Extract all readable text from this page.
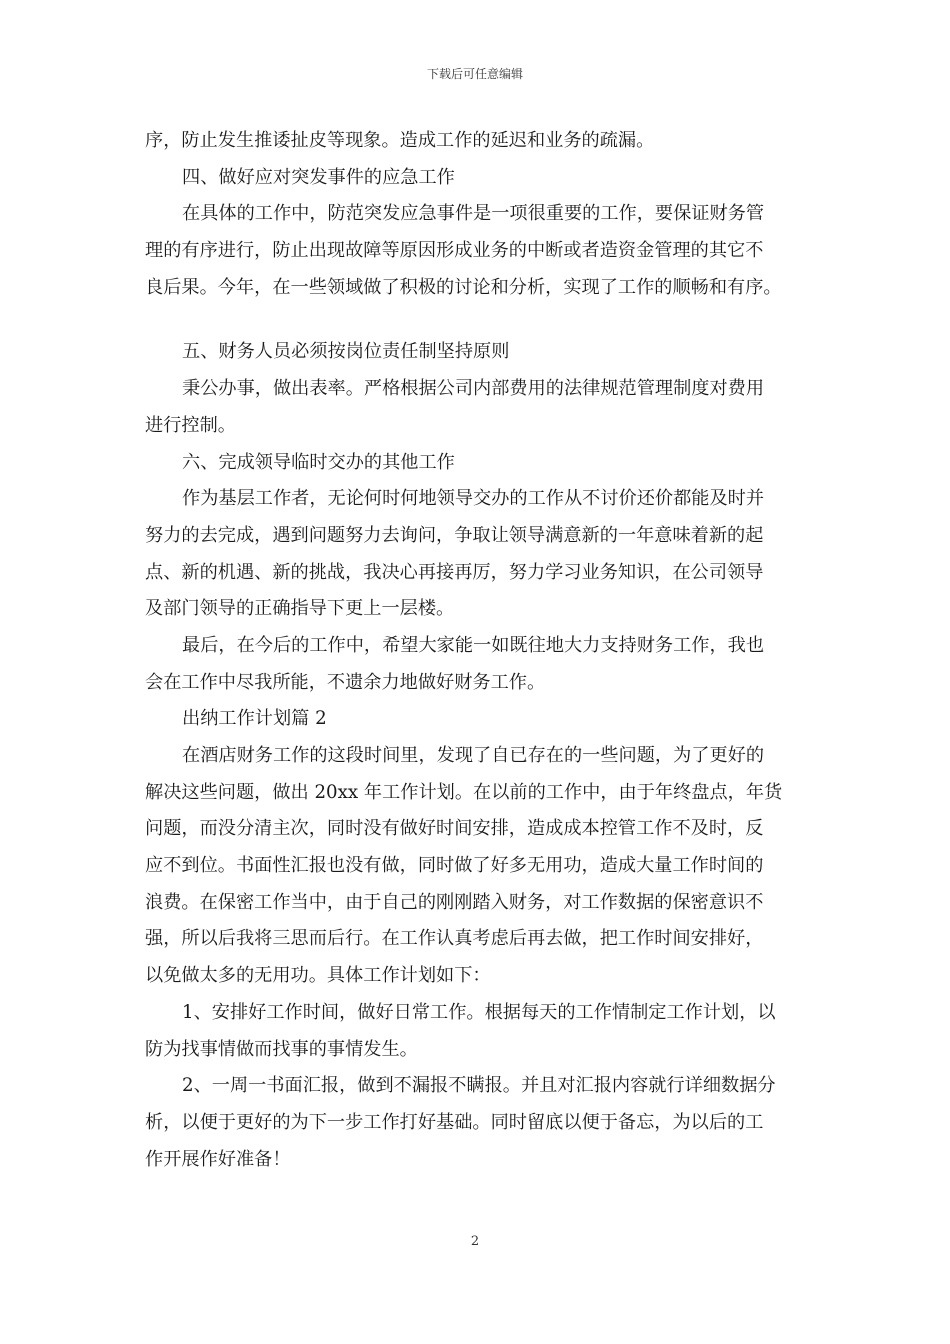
下载后可任意编辑
序，防止发生推诿扯皮等现象。造成工作的延迟和业务的疏漏。
四、做好应对突发事件的应急工作
在具体的工作中，防范突发应急事件是一项很重要的工作，要保证财务管
理的有序进行，防止出现故障等原因形成业务的中断或者造资金管理的其它不
良后果。今年，在一些领域做了积极的讨论和分析，实现了工作的顺畅和有序。
五、财务人员必须按岗位责任制坚持原则
秉公办事，做出表率。严格根据公司内部费用的法律规范管理制度对费用
进行控制。
六、完成领导临时交办的其他工作
作为基层工作者，无论何时何地领导交办的工作从不讨价还价都能及时并
努力的去完成，遇到问题努力去询问，争取让领导满意新的一年意味着新的起
点、新的机遇、新的挑战，我决心再接再厉，努力学习业务知识，在公司领导
及部门领导的正确指导下更上一层楼。
最后，在今后的工作中，希望大家能一如既往地大力支持财务工作，我也
会在工作中尽我所能，不遗余力地做好财务工作。
出纳工作计划篇 2
在酒店财务工作的这段时间里，发现了自已存在的一些问题，为了更好的
解决这些问题，做出 20xx 年工作计划。在以前的工作中，由于年终盘点，年货
问题，而没分清主次，同时没有做好时间安排，造成成本控管工作不及时，反
应不到位。书面性汇报也没有做，同时做了好多无用功，造成大量工作时间的
浪费。在保密工作当中，由于自己的刚刚踏入财务，对工作数据的保密意识不
强，所以后我将三思而后行。在工作认真考虑后再去做，把工作时间安排好，
以免做太多的无用功。具体工作计划如下：
1、安排好工作时间，做好日常工作。根据每天的工作情制定工作计划，以
防为找事情做而找事的事情发生。
2、一周一书面汇报，做到不漏报不瞒报。并且对汇报内容就行详细数据分
析，以便于更好的为下一步工作打好基础。同时留底以便于备忘，为以后的工
作开展作好准备！
2
